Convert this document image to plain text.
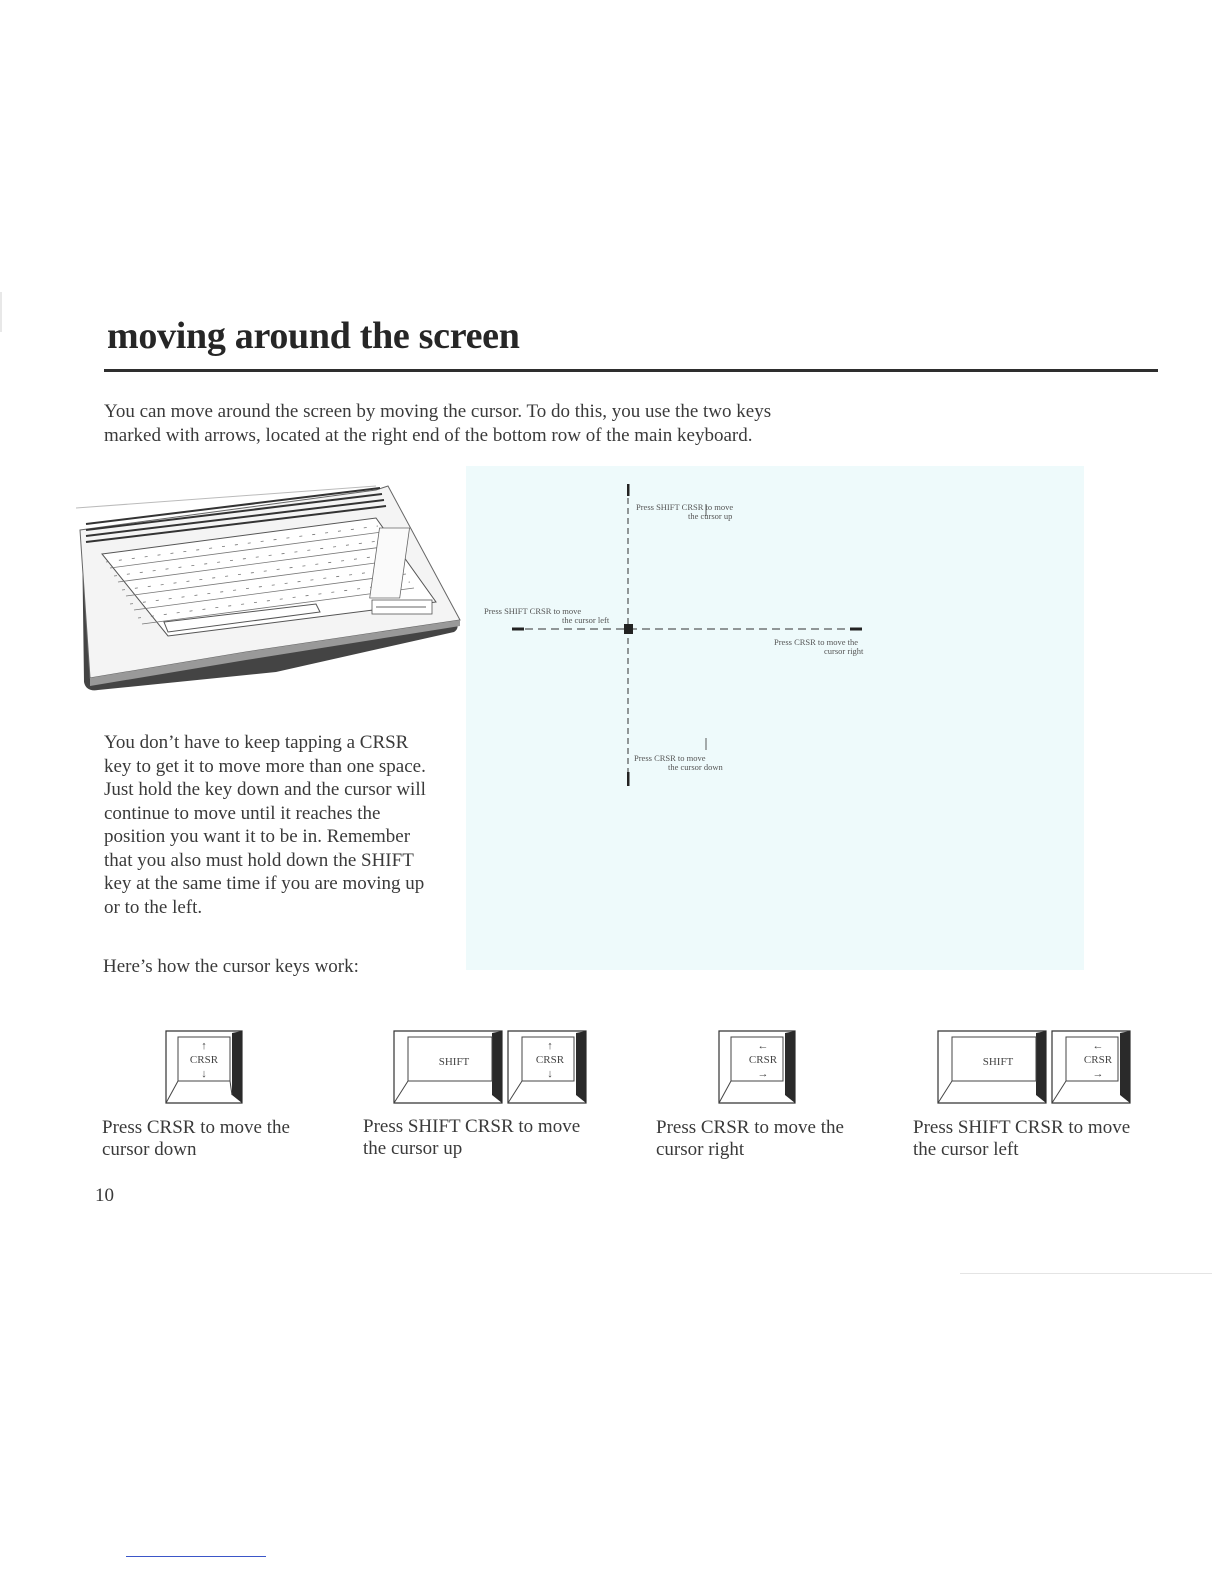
moving around the screen

You can move around the screen by moving the cursor. To do this, you use the two keys marked with arrows, located at the right end of the bottom row of the main keyboard.

You don’t have to keep tapping a CRSR key to get it to move more than one space. Just hold the key down and the cursor will continue to move until it reaches the position you want it to be in. Remember that you also must hold down the SHIFT key at the same time if you are moving up or to the left.

Here’s how the cursor keys work:

Press SHIFT CRSR to move
the cursor up
Press SHIFT CRSR to move
the cursor left
Press CRSR to move the
cursor right
Press CRSR to move
the cursor down
↑
CRSR
↓
SHIFT
↑
CRSR
↓
←
CRSR
→
SHIFT
←
CRSR
→
Press CRSR to move the
cursor down
Press SHIFT CRSR to move
the cursor up
Press CRSR to move the
cursor right
Press SHIFT CRSR to move
the cursor left
10
